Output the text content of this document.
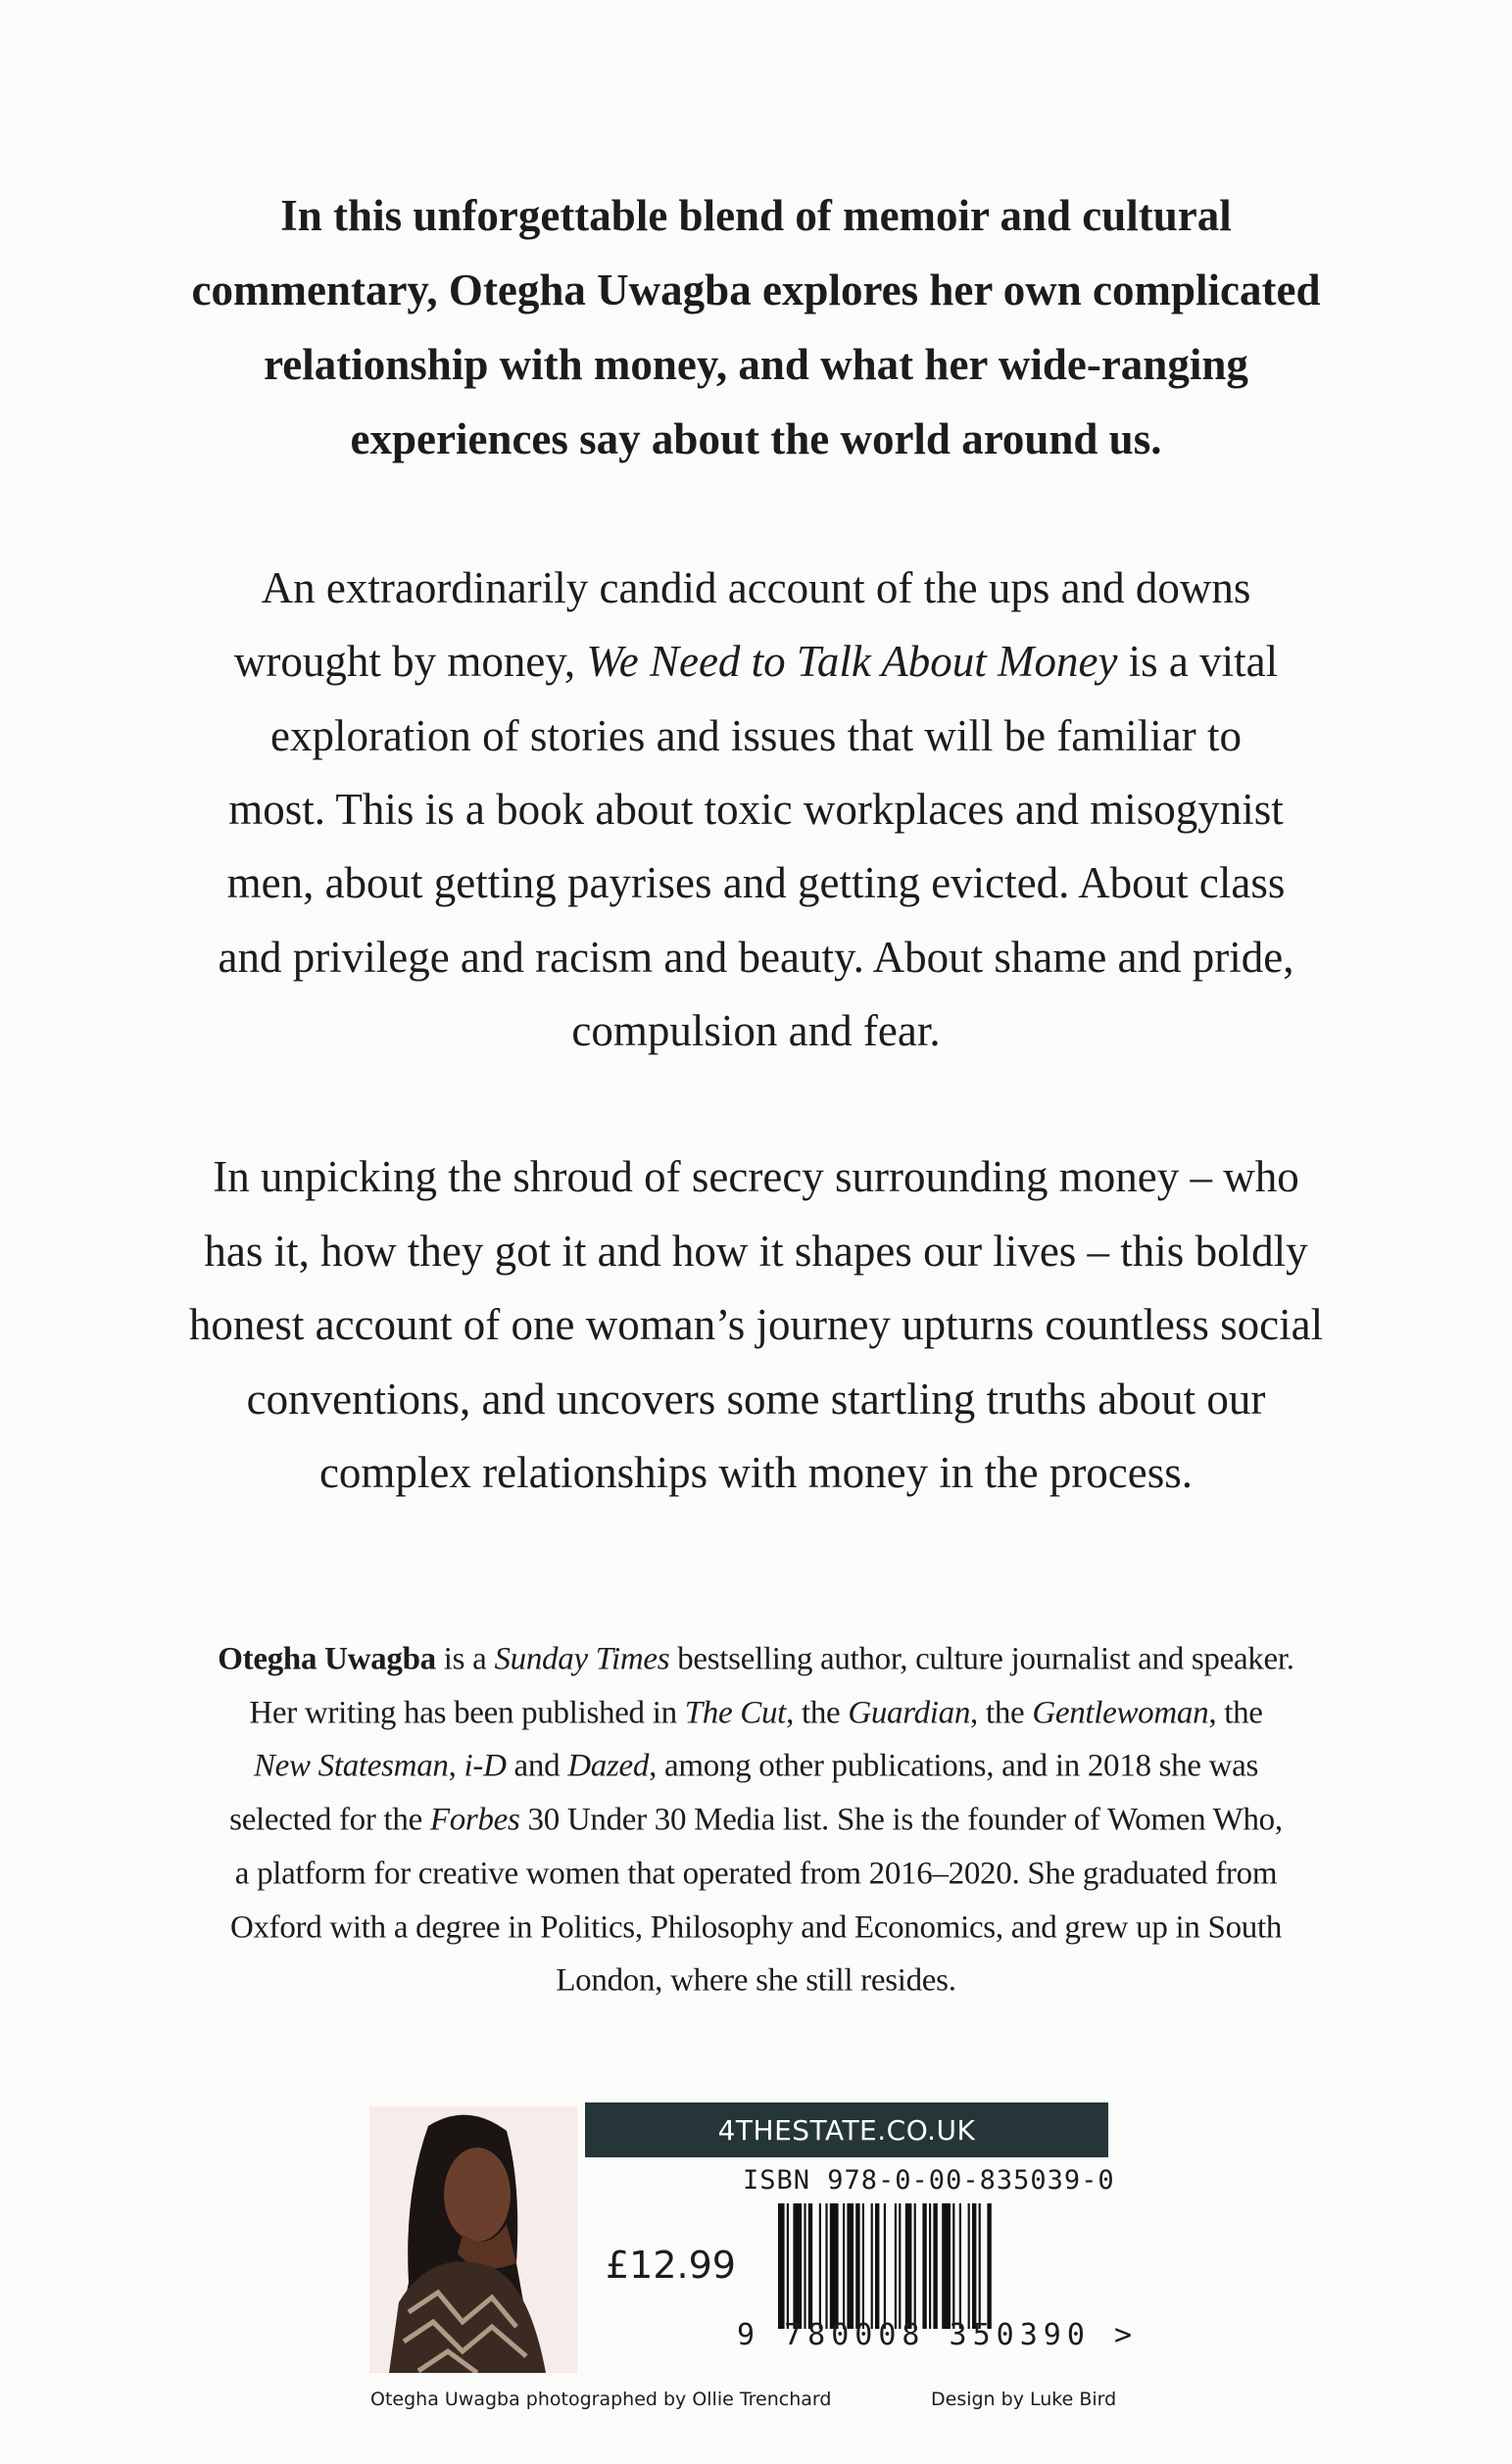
In this unforgettable blend of memoir and cultural
commentary, Otegha Uwagba explores her own complicated
relationship with money, and what her wide-ranging
experiences say about the world around us.
An extraordinarily candid account of the ups and downs
wrought by money, We Need to Talk About Money is a vital
exploration of stories and issues that will be familiar to
most. This is a book about toxic workplaces and misogynist
men, about getting payrises and getting evicted. About class
and privilege and racism and beauty. About shame and pride,
compulsion and fear.
In unpicking the shroud of secrecy surrounding money – who
has it, how they got it and how it shapes our lives – this boldly
honest account of one woman’s journey upturns countless social
conventions, and uncovers some startling truths about our
complex relationships with money in the process.
Otegha Uwagba is a Sunday Times bestselling author, culture journalist and speaker.
Her writing has been published in The Cut, the Guardian, the Gentlewoman, the
New Statesman, i-D and Dazed, among other publications, and in 2018 she was
selected for the Forbes 30 Under 30 Media list. She is the founder of Women Who,
a platform for creative women that operated from 2016–2020. She graduated from
Oxford with a degree in Politics, Philosophy and Economics, and grew up in South
London, where she still resides.
4THESTATE.CO.UK
ISBN 978-0-00-835039-0
£12.99
9 780008 350390 >
Otegha Uwagba photographed by Ollie Trenchard	Design by Luke Bird
